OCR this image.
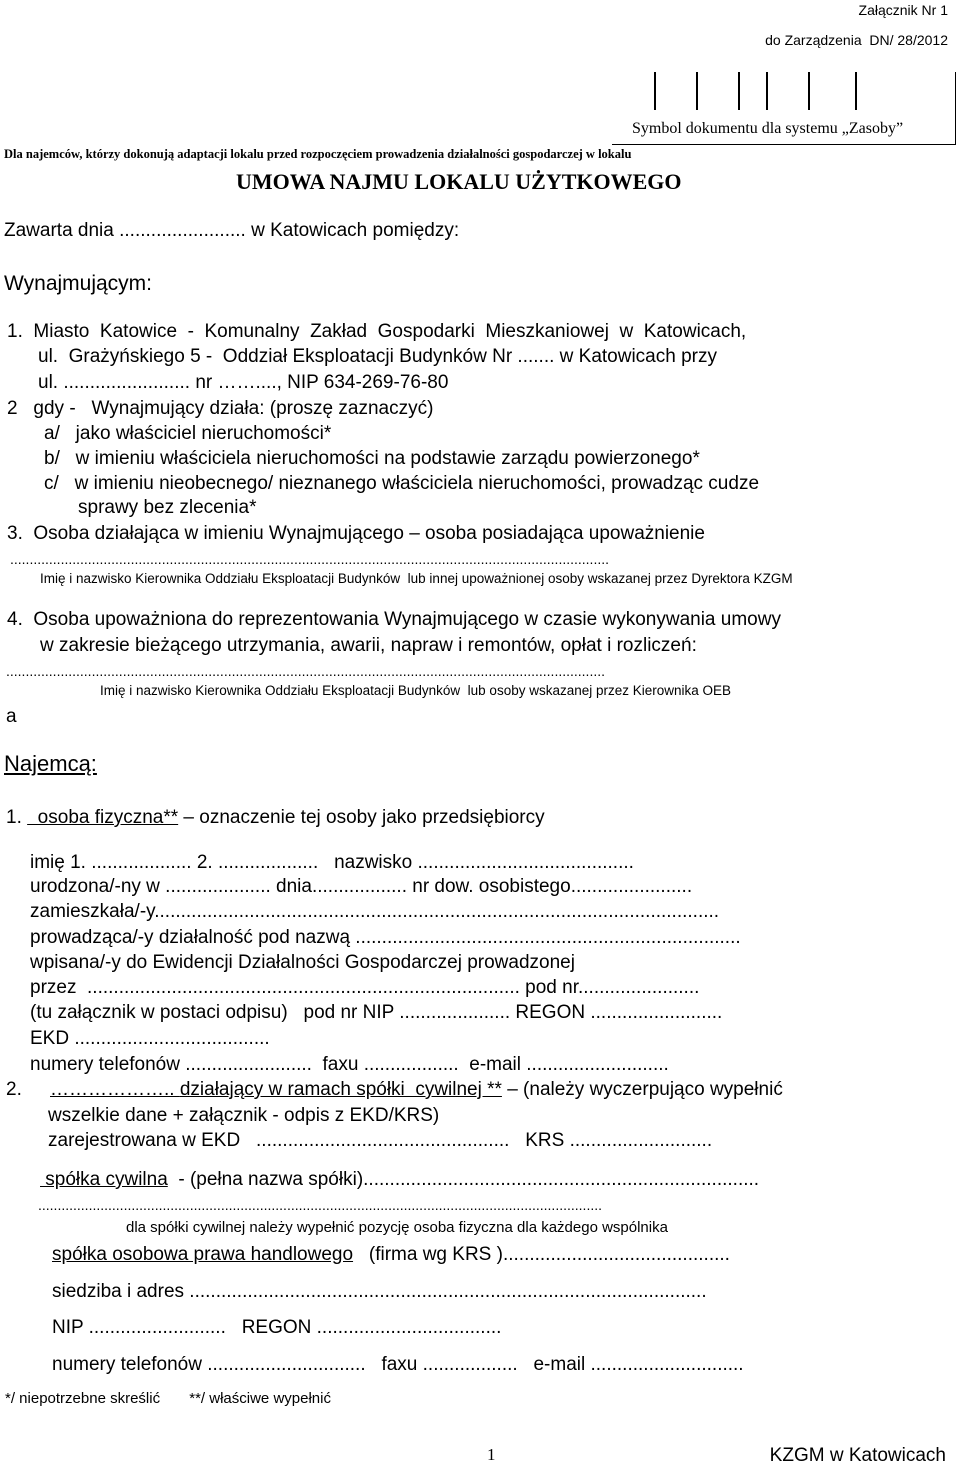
Załącznik Nr 1
do Zarządzenia  DN/ 28/2012
Symbol dokumentu dla systemu „Zasoby”
Dla najemców, którzy dokonują adaptacji lokalu przed rozpoczęciem prowadzenia działalności gospodarczej w lokalu
UMOWA NAJMU LOKALU UŻYTKOWEGO
Zawarta dnia ........................ w Katowicach pomiędzy:
Wynajmującym:
1.  Miasto  Katowice  -  Komunalny  Zakład  Gospodarki  Mieszkaniowej  w  Katowicach,
ul.  Grażyńskiego 5 -  Oddział Eksploatacji Budynków Nr ....... w Katowicach przy
ul. ........................ nr ……...., NIP 634-269-76-80
2   gdy -   Wynajmujący działa: (proszę zaznaczyć)
a/   jako właściciel nieruchomości*
b/   w imieniu właściciela nieruchomości na podstawie zarządu powierzonego*
c/   w imieniu nieobecnego/ nieznanego właściciela nieruchomości, prowadząc cudze
sprawy bez zlecenia*
3.  Osoba działająca w imieniu Wynajmującego – osoba posiadająca upoważnienie
..........................................................................................................................................................
Imię i nazwisko Kierownika Oddziału Eksploatacji Budynków  lub innej upoważnionej osoby wskazanej przez Dyrektora KZGM
4.  Osoba upoważniona do reprezentowania Wynajmującego w czasie wykonywania umowy
w zakresie bieżącego utrzymania, awarii, napraw i remontów, opłat i rozliczeń:
..........................................................................................................................................................
Imię i nazwisko Kierownika Oddziału Eksploatacji Budynków  lub osoby wskazanej przez Kierownika OEB
a
Najemcą:
1.   osoba fizyczna** – oznaczenie tej osoby jako przedsiębiorcy
imię 1. ................... 2. ...................   nazwisko .........................................
urodzona/-ny w .................... dnia.................. nr dow. osobistego.......................
zamieszkała/-y...........................................................................................................
prowadząca/-y działalność pod nazwą .........................................................................
wpisana/-y do Ewidencji Działalności Gospodarczej prowadzonej
przez  .................................................................................. pod nr.......................
(tu załącznik w postaci odpisu)   pod nr NIP ..................... REGON .........................
EKD .....................................
numery telefonów ........................  faxu ..................  e-mail ...........................
2. ……………….. działający w ramach spółki  cywilnej ** – (należy wyczerpująco wypełnić
wszelkie dane + załącznik - odpis z EKD/KRS)
zarejestrowana w EKD   ................................................   KRS ...........................
spółka cywilna  - (pełna nazwa spółki)...........................................................................
.................................................................................................................................................
dla spółki cywilnej należy wypełnić pozycję osoba fizyczna dla każdego wspólnika
spółka osobowa prawa handlowego   (firma wg KRS )...........................................
siedziba i adres ..................................................................................................
NIP ..........................   REGON ...................................
numery telefonów ..............................   faxu ..................   e-mail .............................
*/ niepotrzebne skreślić       **/ właściwe wypełnić
1	KZGM w Katowicach
